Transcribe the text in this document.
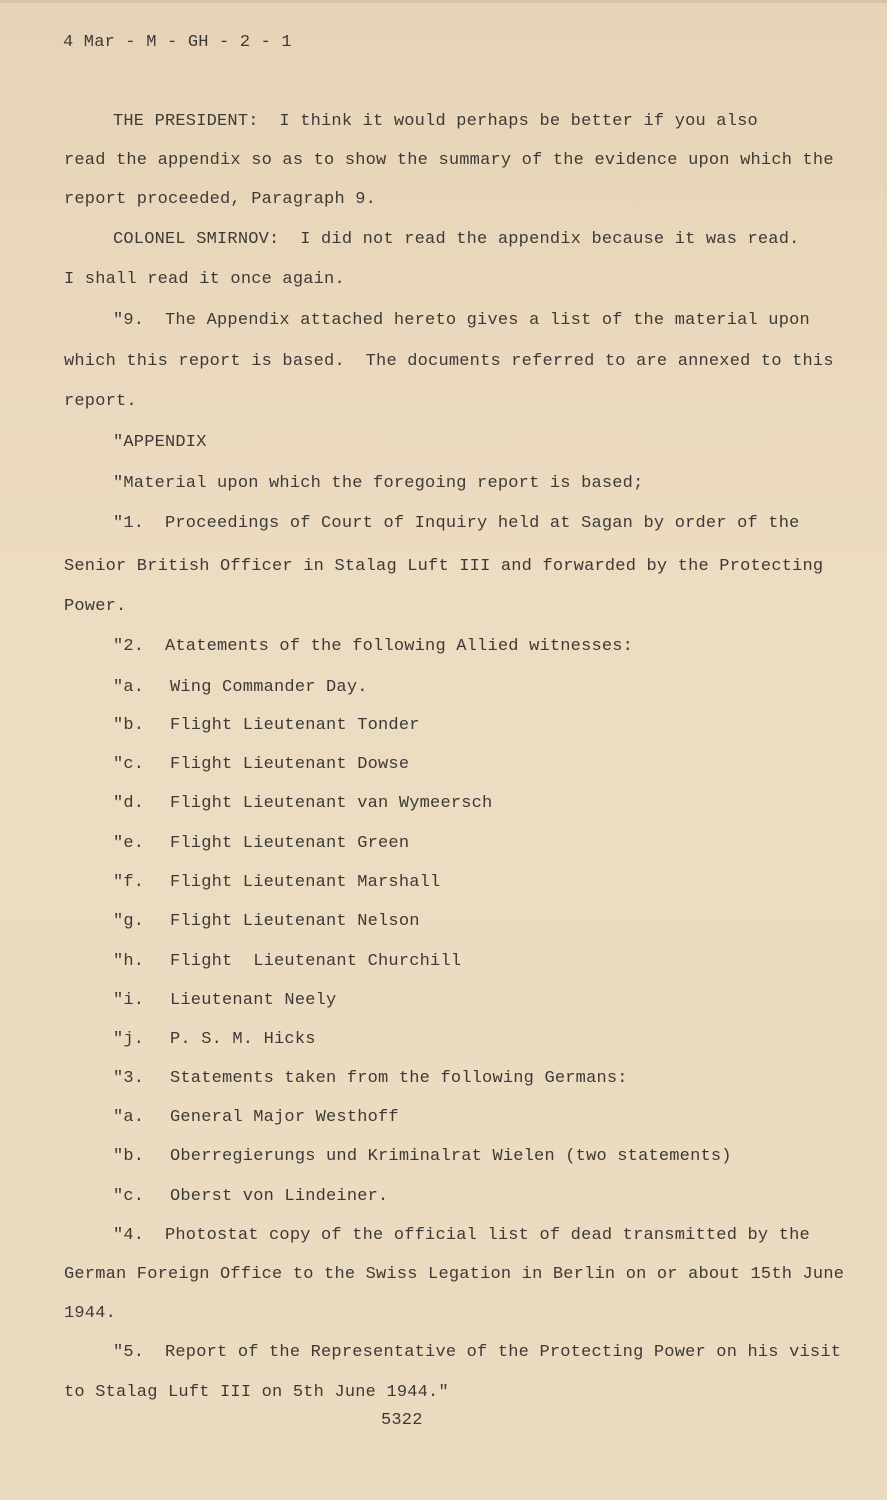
4 Mar - M - GH - 2 - 1
THE PRESIDENT:  I think it would perhaps be better if you also
read the appendix so as to show the summary of the evidence upon which the
report proceeded, Paragraph 9.
COLONEL SMIRNOV:  I did not read the appendix because it was read.
I shall read it once again.
"9.  The Appendix attached hereto gives a list of the material upon
which this report is based.  The documents referred to are annexed to this
report.
"APPENDIX
"Material upon which the foregoing report is based;
"1.  Proceedings of Court of Inquiry held at Sagan by order of the
Senior British Officer in Stalag Luft III and forwarded by the Protecting
Power.
"2.  Atatements of the following Allied witnesses:
"a. Wing Commander Day.
"b. Flight Lieutenant Tonder
"c. Flight Lieutenant Dowse
"d. Flight Lieutenant van Wymeersch
"e. Flight Lieutenant Green
"f. Flight Lieutenant Marshall
"g. Flight Lieutenant Nelson
"h. Flight  Lieutenant Churchill
"i. Lieutenant Neely
"j. P. S. M. Hicks
"3. Statements taken from the following Germans:
"a. General Major Westhoff
"b. Oberregierungs und Kriminalrat Wielen (two statements)
"c. Oberst von Lindeiner.
"4.  Photostat copy of the official list of dead transmitted by the
German Foreign Office to the Swiss Legation in Berlin on or about 15th June
1944.
"5.  Report of the Representative of the Protecting Power on his visit
to Stalag Luft III on 5th June 1944."
5322
